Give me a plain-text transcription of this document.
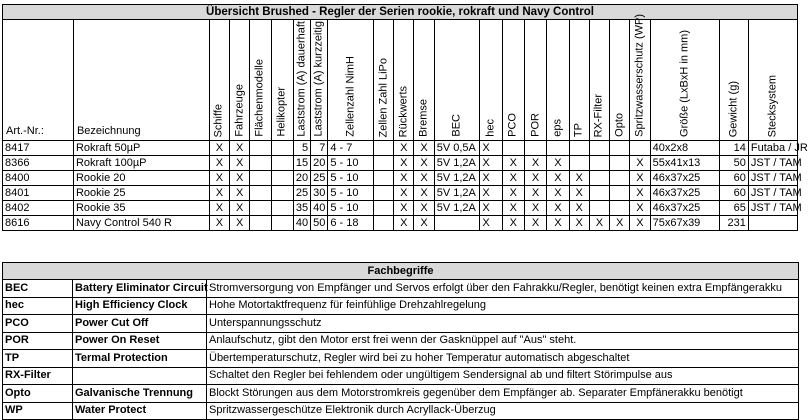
Übersicht Brushed - Regler der Serien rookie, rokraft und Navy Control																							
Art.-Nr.:	Bezeichnung	Schiffe	Fahrzeuge	Flächenmodelle	Helikopter	Laststrom (A) dauerhaft	Laststrom (A) kurzzeitig	Zellenzahl NimH	Zellen Zahl LiPo	Rückwerts	Bremse	BEC	hec	PCO	POR	eps	TP	RX-Filter	Opto	Spritzwasserschutz (WP)	Größe (LxBxH in mm)	Gewicht (g)	Stecksystem

8417	Rokraft 50µP	X	X			5	7	4 - 7		X	X	5V 0,5A	X								40x2x8	14	Futaba / JR
8366	Rokraft 100µP	X	X			15	20	5 - 10		X	X	5V 1,2A	X	X	X	X				X	55x41x13	50	JST / TAM
8400	Rookie 20	X	X			20	25	5 - 10		X	X	5V 1,2A	X	X	X	X	X			X	46x37x25	60	JST / TAM
8401	Rookie 25	X	X			25	30	5 - 10		X	X	5V 1,2A	X	X	X	X	X			X	46x37x25	60	JST / TAM
8402	Rookie 35	X	X			35	40	5 - 10		X	X	5V 1,2A	X	X	X	X	X			X	46x37x25	65	JST / TAM
8616	Navy Control 540 R	X	X			40	50	6 - 18		X	X		X	X	X	X	X	X	X	X	75x67x39	231	
Fachbegriffe		
BEC	Battery Eliminator Circuit	Stromversorgung von Empfänger und Servos erfolgt über den Fahrakku/Regler, benötigt keinen extra Empfängerakku
hec	High Efficiency Clock	Hohe Motortaktfrequenz für feinfühlige Drehzahlregelung
PCO	Power Cut Off	Unterspannungsschutz
POR	Power On Reset	Anlaufschutz, gibt den Motor erst frei wenn der Gasknüppel auf "Aus" steht.
TP	Termal Protection	Übertemperaturschutz, Regler wird bei zu hoher Temperatur automatisch abgeschaltet
RX-Filter		Schaltet den Regler bei fehlendem oder ungültigem Sendersignal ab und filtert Störimpulse aus
Opto	Galvanische Trennung	Blockt Störungen aus dem Motorstromkreis gegenüber dem Empfänger ab. Separater Empfänerakku benötigt
WP	Water Protect	Spritzwassergeschütze Elektronik durch Acryllack-Überzug
